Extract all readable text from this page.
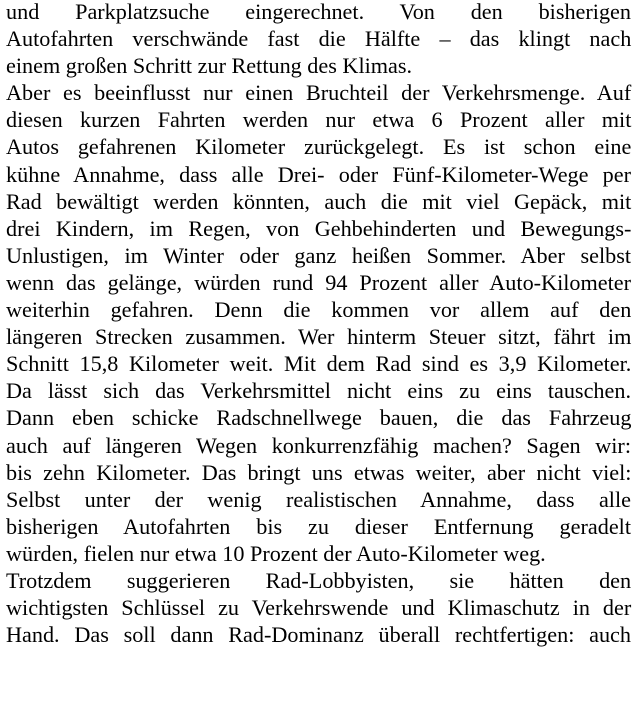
und Parkplatzsuche eingerechnet. Von den bisherigen
Autofahrten verschwände fast die Hälfte – das klingt nach
einem großen Schritt zur Rettung des Klimas.

Aber es beeinflusst nur einen Bruchteil der Verkehrsmenge. Auf
diesen kurzen Fahrten werden nur etwa 6 Prozent aller mit
Autos gefahrenen Kilometer zurückgelegt. Es ist schon eine
kühne Annahme, dass alle Drei- oder Fünf-Kilometer-Wege per
Rad bewältigt werden könnten, auch die mit viel Gepäck, mit
drei Kindern, im Regen, von Gehbehinderten und Bewegungs-
Unlustigen, im Winter oder ganz heißen Sommer. Aber selbst
wenn das gelänge, würden rund 94 Prozent aller Auto-Kilometer
weiterhin gefahren. Denn die kommen vor allem auf den
längeren Strecken zusammen. Wer hinterm Steuer sitzt, fährt im
Schnitt 15,8 Kilometer weit. Mit dem Rad sind es 3,9 Kilometer.
Da lässt sich das Verkehrsmittel nicht eins zu eins tauschen.
Dann eben schicke Radschnellwege bauen, die das Fahrzeug
auch auf längeren Wegen konkurrenzfähig machen? Sagen wir:
bis zehn Kilometer. Das bringt uns etwas weiter, aber nicht viel:
Selbst unter der wenig realistischen Annahme, dass alle
bisherigen Autofahrten bis zu dieser Entfernung geradelt
würden, fielen nur etwa 10 Prozent der Auto-Kilometer weg.

Trotzdem suggerieren Rad-Lobbyisten, sie hätten den
wichtigsten Schlüssel zu Verkehrswende und Klimaschutz in der
Hand. Das soll dann Rad-Dominanz überall rechtfertigen: auch
